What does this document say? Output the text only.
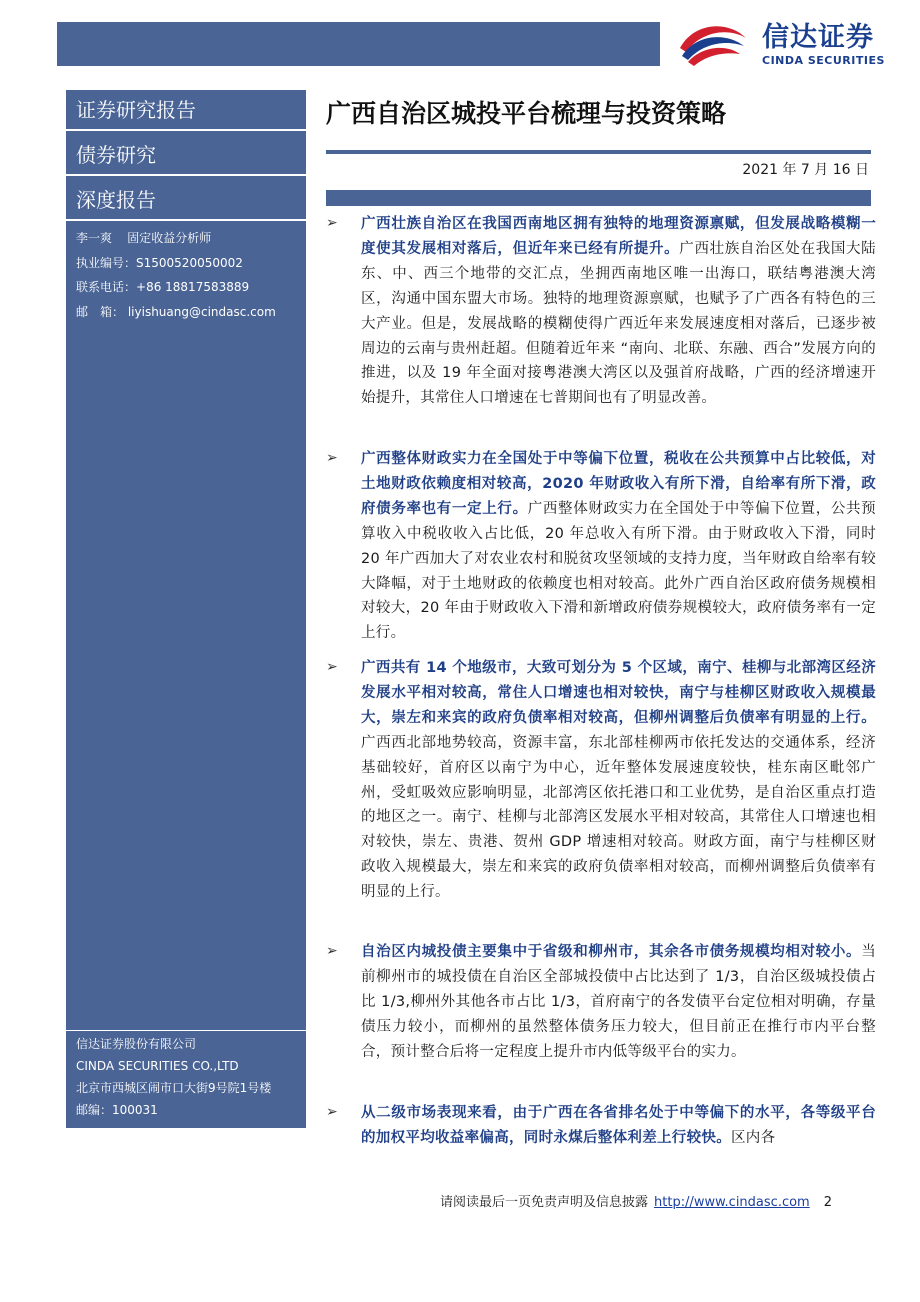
信达证券
CINDA SECURITIES
证券研究报告
债券研究
深度报告
李一爽 固定收益分析师
执业编号：S1500520050002
联系电话：+86 18817583889
邮　箱： liyishuang@cindasc.com
信达证券股份有限公司
CINDA SECURITIES CO.,LTD
北京市西城区闹市口大街9号院1号楼
邮编：100031
广西自治区城投平台梳理与投资策略
2021 年 7 月 16 日
➢ 广西壮族自治区在我国西南地区拥有独特的地理资源禀赋，但发展战略模糊一度使其发展相对落后，但近年来已经有所提升。广西壮族自治区处在我国大陆东、中、西三个地带的交汇点，坐拥西南地区唯一出海口，联结粤港澳大湾区，沟通中国东盟大市场。独特的地理资源禀赋，也赋予了广西各有特色的三大产业。但是，发展战略的模糊使得广西近年来发展速度相对落后，已逐步被周边的云南与贵州赶超。但随着近年来 “南向、北联、东融、西合”发展方向的推进，以及 19 年全面对接粤港澳大湾区以及强首府战略，广西的经济增速开始提升，其常住人口增速在七普期间也有了明显改善。
➢ 广西整体财政实力在全国处于中等偏下位置，税收在公共预算中占比较低，对土地财政依赖度相对较高，2020 年财政收入有所下滑，自给率有所下滑，政府债务率也有一定上行。广西整体财政实力在全国处于中等偏下位置，公共预算收入中税收收入占比低，20 年总收入有所下滑。由于财政收入下滑，同时 20 年广西加大了对农业农村和脱贫攻坚领域的支持力度，当年财政自给率有较大降幅，对于土地财政的依赖度也相对较高。此外广西自治区政府债务规模相对较大，20 年由于财政收入下滑和新增政府债券规模较大，政府债务率有一定上行。
➢ 广西共有 14 个地级市，大致可划分为 5 个区域，南宁、桂柳与北部湾区经济发展水平相对较高，常住人口增速也相对较快，南宁与桂柳区财政收入规模最大，崇左和来宾的政府负债率相对较高，但柳州调整后负债率有明显的上行。广西西北部地势较高，资源丰富，东北部桂柳两市依托发达的交通体系，经济基础较好，首府区以南宁为中心，近年整体发展速度较快，桂东南区毗邻广州，受虹吸效应影响明显，北部湾区依托港口和工业优势，是自治区重点打造的地区之一。南宁、桂柳与北部湾区发展水平相对较高，其常住人口增速也相对较快，崇左、贵港、贺州 GDP 增速相对较高。财政方面，南宁与桂柳区财政收入规模最大，崇左和来宾的政府负债率相对较高，而柳州调整后负债率有明显的上行。
➢ 自治区内城投债主要集中于省级和柳州市，其余各市债务规模均相对较小。当前柳州市的城投债在自治区全部城投债中占比达到了 1/3，自治区级城投债占比 1/3,柳州外其他各市占比 1/3，首府南宁的各发债平台定位相对明确，存量债压力较小，而柳州的虽然整体债务压力较大，但目前正在推行市内平台整合，预计整合后将一定程度上提升市内低等级平台的实力。
➢ 从二级市场表现来看，由于广西在各省排名处于中等偏下的水平，各等级平台的加权平均收益率偏高，同时永煤后整体利差上行较快。区内各
请阅读最后一页免责声明及信息披露 http://www.cindasc.com 2
